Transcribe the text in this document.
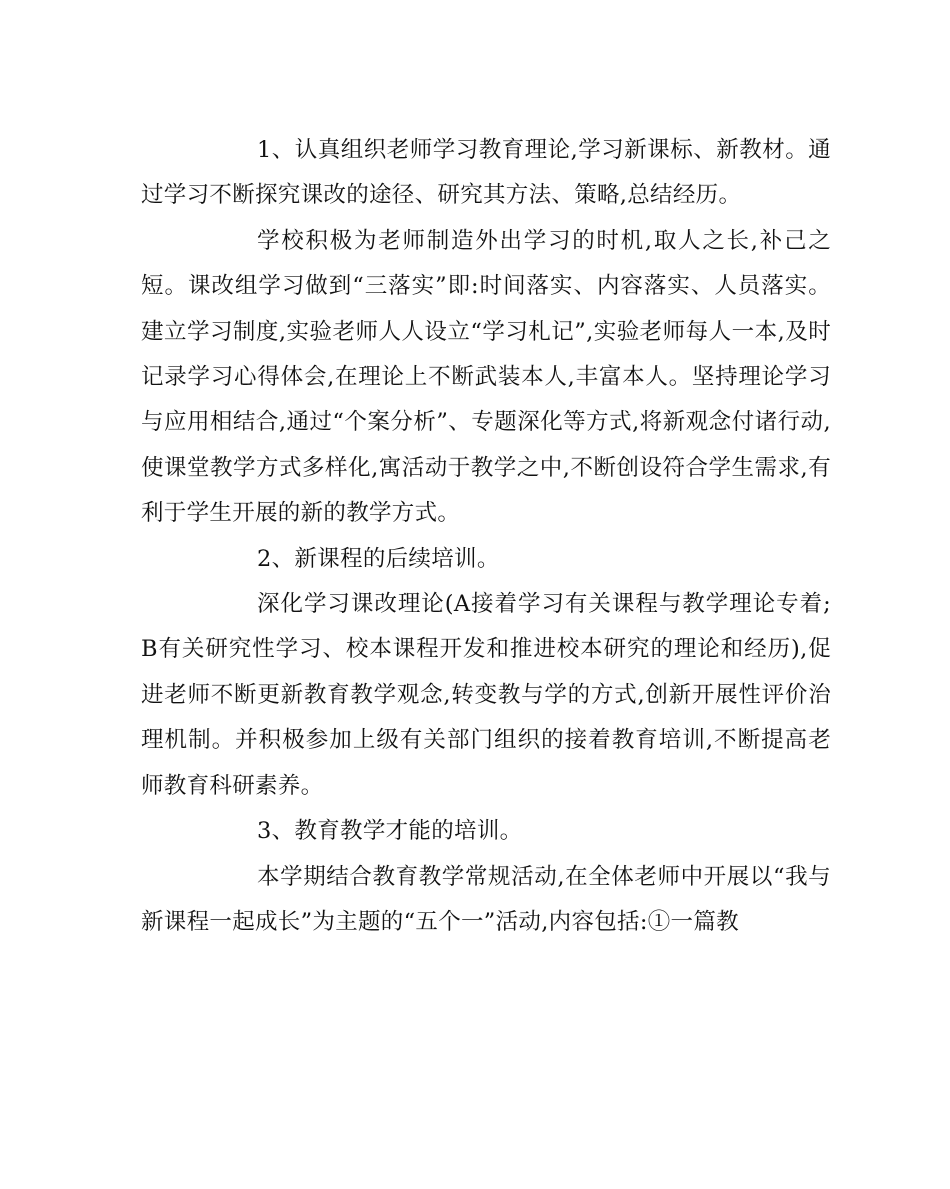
1、认真组织老师学习教育理论,学习新课标、新教材。通过学习不断探究课改的途径、研究其方法、策略,总结经历。

学校积极为老师制造外出学习的时机,取人之长,补己之短。课改组学习做到“三落实”即:时间落实、内容落实、人员落实。建立学习制度,实验老师人人设立“学习札记”,实验老师每人一本,及时记录学习心得体会,在理论上不断武装本人,丰富本人。坚持理论学习与应用相结合,通过“个案分析”、专题深化等方式,将新观念付诸行动,使课堂教学方式多样化,寓活动于教学之中,不断创设符合学生需求,有利于学生开展的新的教学方式。

2、新课程的后续培训。

深化学习课改理论(A接着学习有关课程与教学理论专着;B有关研究性学习、校本课程开发和推进校本研究的理论和经历),促进老师不断更新教育教学观念,转变教与学的方式,创新开展性评价治理机制。并积极参加上级有关部门组织的接着教育培训,不断提高老师教育科研素养。

3、教育教学才能的培训。

本学期结合教育教学常规活动,在全体老师中开展以“我与新课程一起成长”为主题的“五个一”活动,内容包括:①一篇教
